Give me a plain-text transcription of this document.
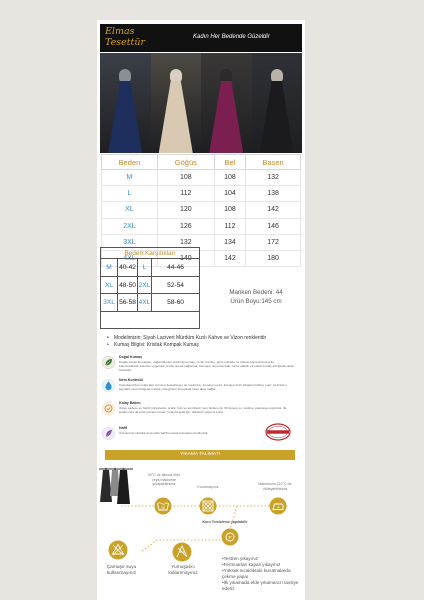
Elmas
Tesettür	Kadın Her Bedende Güzeldir
Beden	Göğüs	Bel	Basen
M	108	108	132
L	112	104	138
XL	120	108	142
2XL	126	112	146
3XL	132	134	172
4XL	140	142	180
Beden Karşılıkları
M	40-42	L	44-46
XL 48-50 2XL	52-54
3XL 56-58 4XL	58-60
Manken Bedeni: 44
Ürün Boyu:145 cm
• Modelimizin; Siyah Lacivert Mürdüm Kızılı Kahve ve Vizon renkleridir
• Kumaş Bilgisi: Kristak Kompak Kumaş
Doğal Kumaş
Doğalı esnek kumaşları, doğal liflerden üretilmiş kumaş; nemli; bambu, giyimi rahattır ve dokulu kompozisyonu ile bulunmaktadır, kolorize uygundur; tende temas sağlamak; kumaşın nemi kompak, nefes alabilir ve erkek kumaş arttığında rahat hissettirir.
Nem Kontrolü
Vücudunuzdan nefes alıp vermeyi destekleyen ter üretimine; kumaşın nemi, kumaşın hızlı bölgeleri tahliye eder; terinizden kaynaklı nemli bölgeler kumaş yüzeyinden kuruyarak hava akışı sağlar.
Kolay Bakım
Ütüye sadece en belirli yüzeylerde; pratik, hızlı ve temizlenir nem fazlası için 30 derece su; makine yıkamaya uygundur. İlk kullanımda da renk solması olmaz; kolayca şekil alır; dökümlü yapısını korur.
Hafif
Ürünlerimiz rahatlık açısından hafif kompak kumaştan üretilmiştir.
YIKAMA TALİMATI
30°C ve altında elde veya makinede yıkayabilirsiniz
30
Kurutmayınız
Maksimum 110°C de ütüleyebilirsiniz
Kuru Temizleme yapılabilir
P
Çamaşır suyu kullanmayınız
Yumuşatıcı kullanmayınız
• Tersten yıkayınız
• Fermuarları kapalı yıkayınız
• Yüksek sıcaklıktaki kurutmalarda çekme yapar
• İlk yıkamada elde yıkamanızı tavsiye ederiz
